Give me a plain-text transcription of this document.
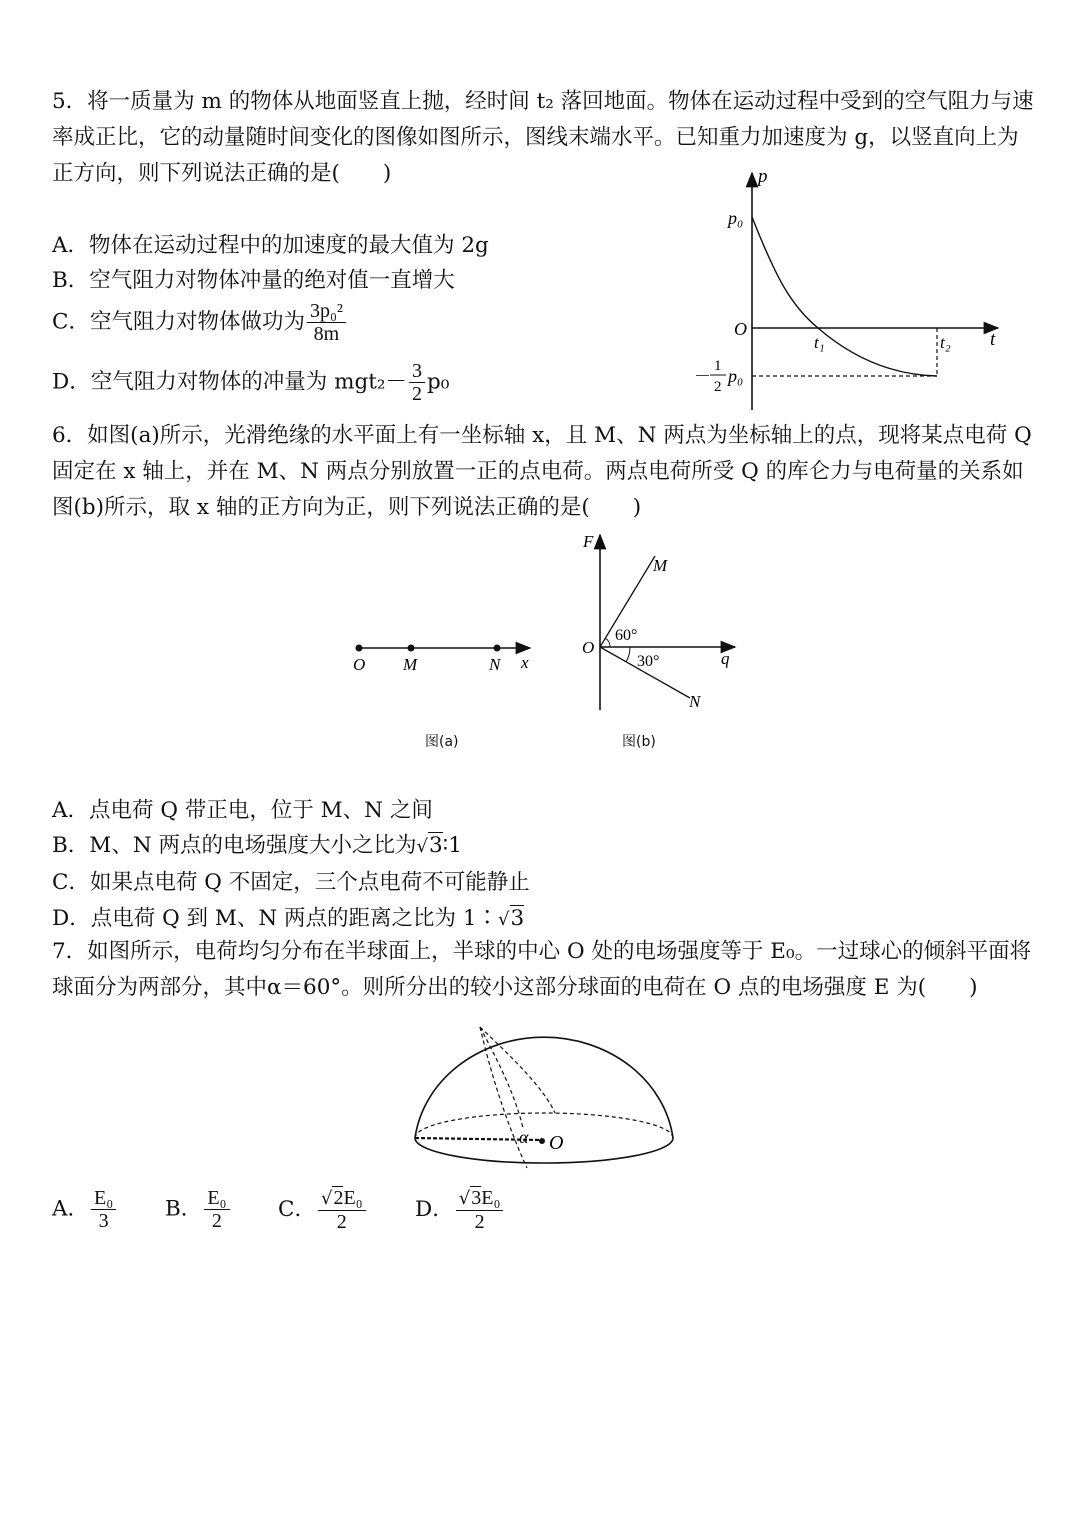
5．将一质量为 m 的物体从地面竖直上抛，经时间 t₂ 落回地面。物体在运动过程中受到的空气阻力与速
率成正比，它的动量随时间变化的图像如图所示，图线末端水平。已知重力加速度为 g，以竖直向上为
正方向，则下列说法正确的是(　　)
A．物体在运动过程中的加速度的最大值为 2g
B．空气阻力对物体冲量的绝对值一直增大
C．空气阻力对物体做功为 $\frac{\text{3p₀²}}{8m}$
D．空气阻力对物体的冲量为 $mgt_2- \frac{3}{2} p_0$
p
t
O
p₀
t₁	t₂
－
1
2
p₀
6．如图(a)所示，光滑绝缘的水平面上有一坐标轴 x，且 M、N 两点为坐标轴上的点，现将某点电荷 Q 固定在 x 轴上，并在 M、N 两点分别放置一正的点电荷。两点电荷所受 Q 的库仑力与电荷量的关系如图(b)所示，取 x 轴的正方向为正，则下列说法正确的是(　　)
O M	N x
图(a)
F
q
O
M
N
60°
30°
图(b)
A．点电荷 Q 带正电，位于 M、N 之间
B．M、N 两点的电场强度大小之比为√3∶1
C．如果点电荷 Q 不固定，三个点电荷不可能静止
D．点电荷 Q 到 M、N 两点的距离之比为 1∶√3
7．如图所示，电荷均匀分布在半球面上，半球的中心 O 处的电场强度等于 E₀。一过球心的倾斜平面将
球面分为两部分，其中α＝60°。则所分出的较小这部分球面的电荷在 O 点的电场强度 E 为(　　)
α O
A． $\frac{\text{E₀}}{3}$ B． $\frac{\text{E₀}}{2}$ C． $\frac{\text{√2E₀}}{2}$ D． $\frac{\text{√3E₀}}{2}$
